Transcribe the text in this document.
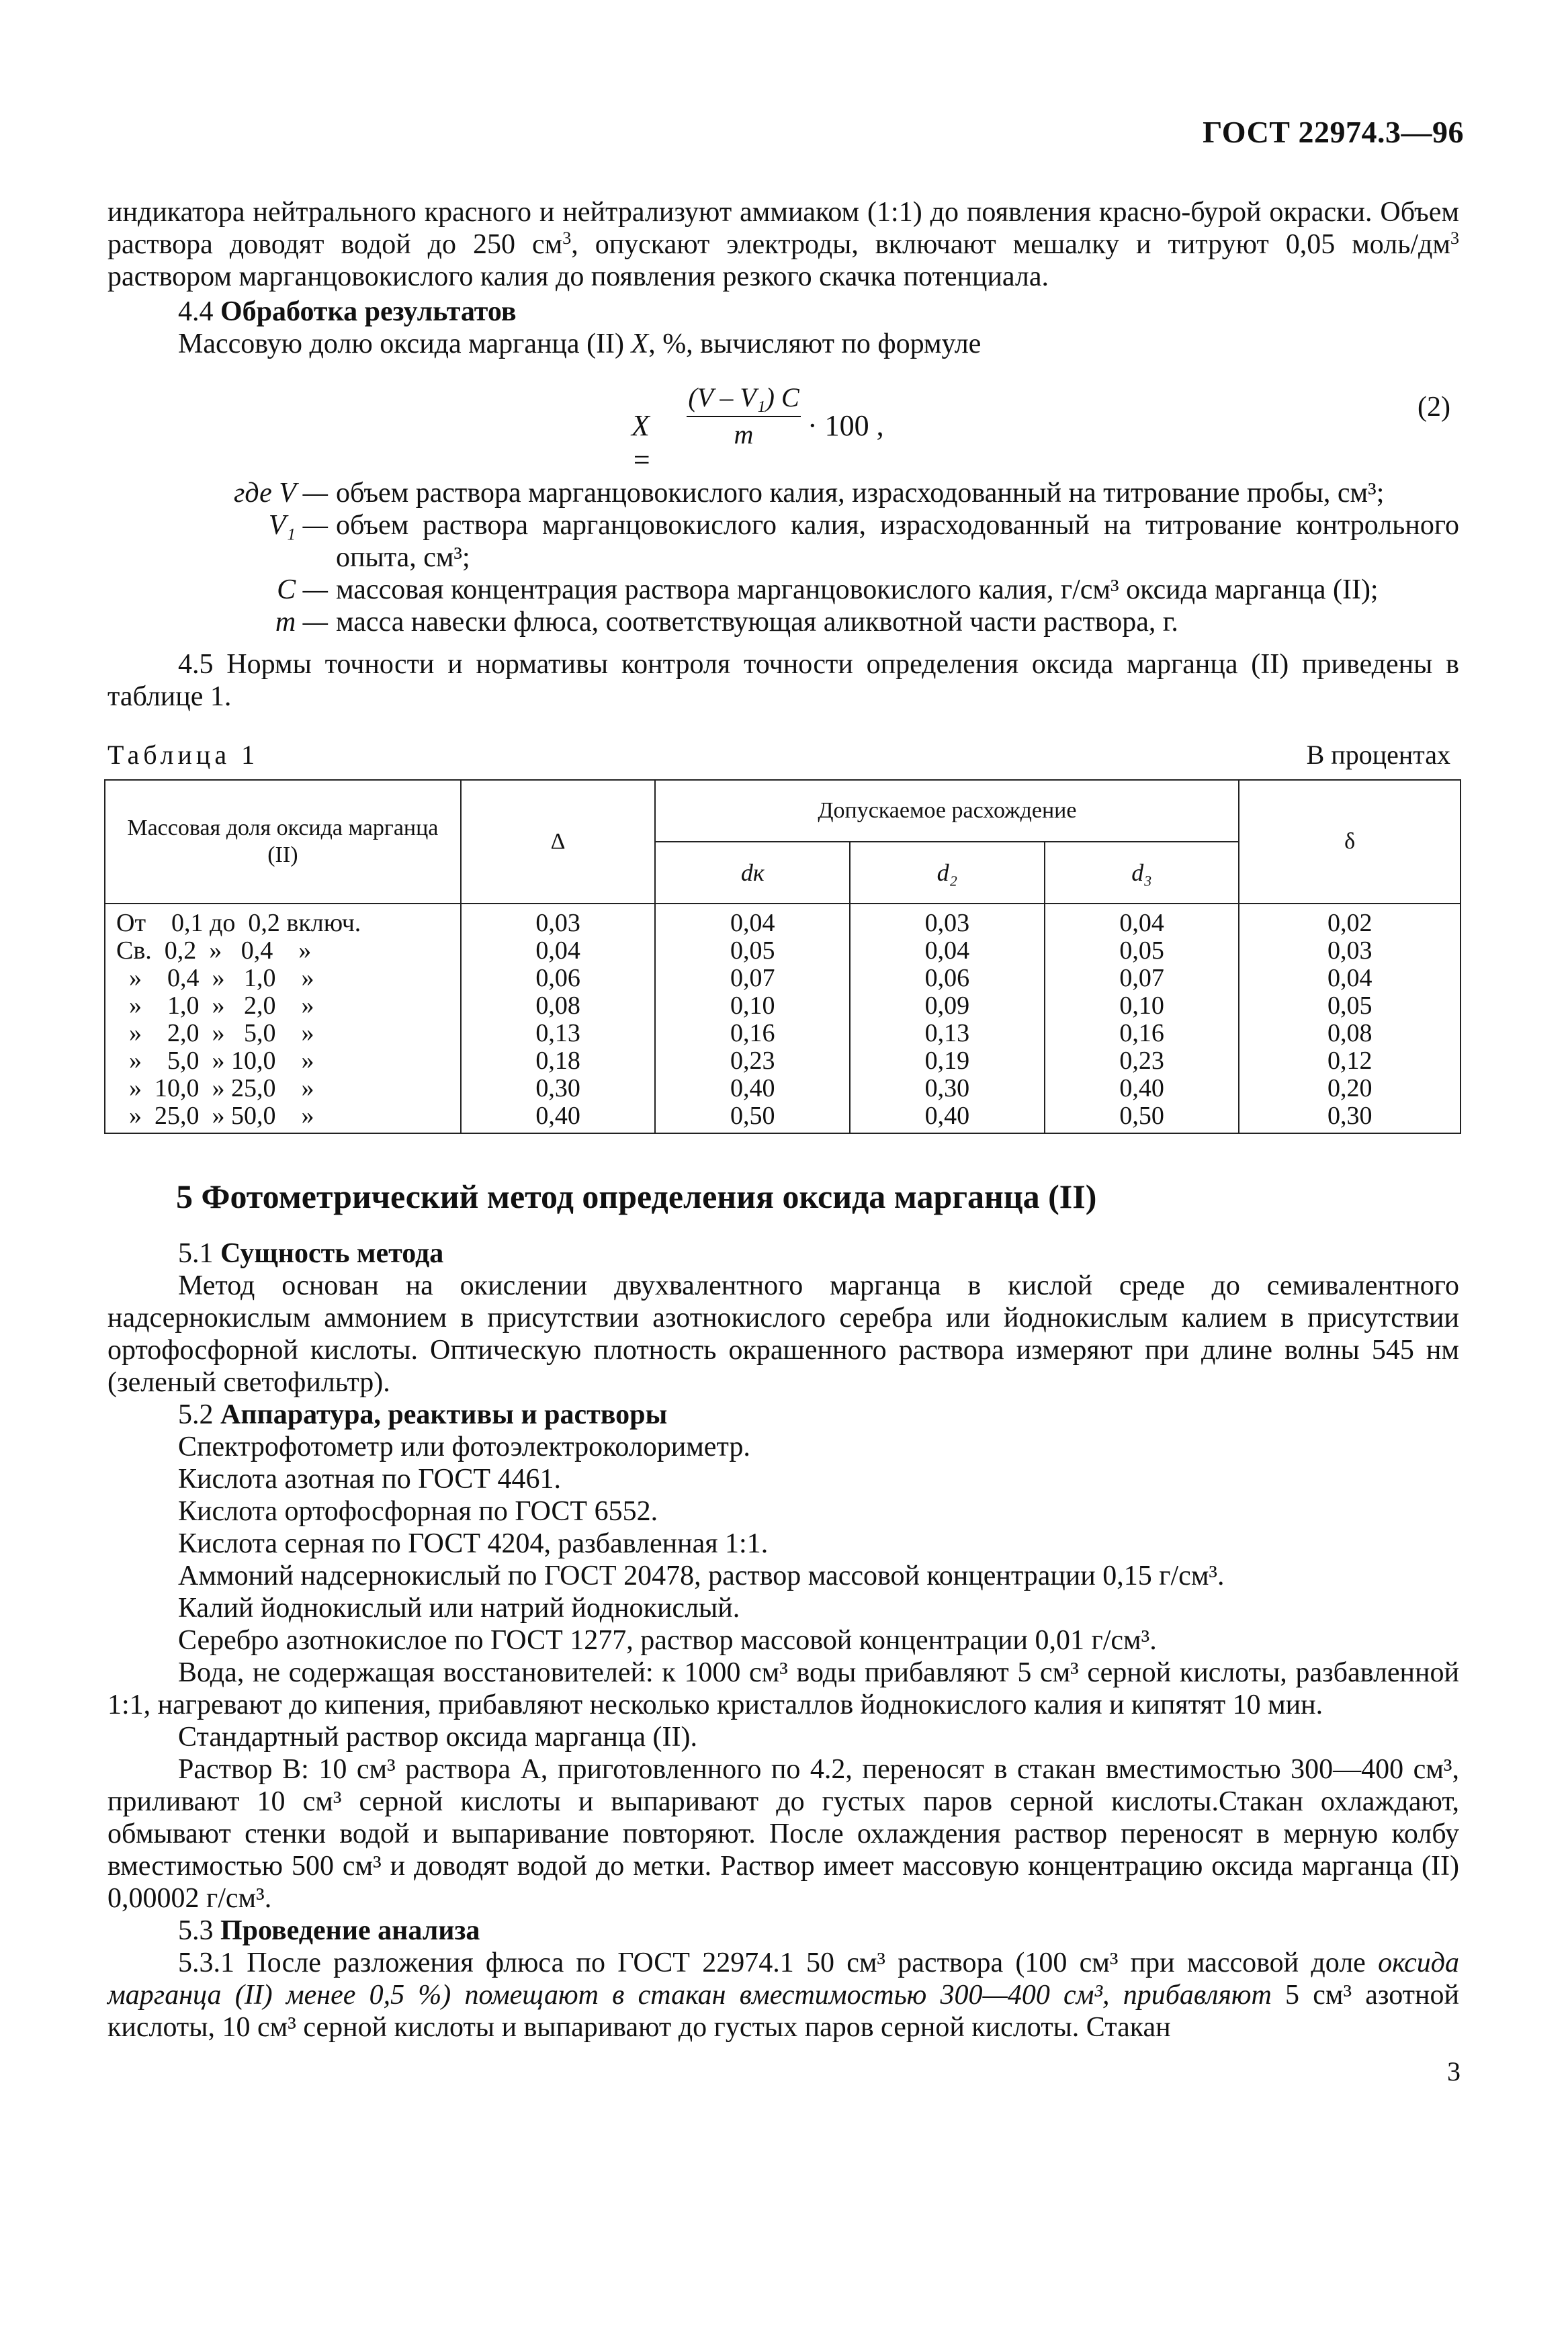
ГОСТ 22974.3—96

индикатора нейтрального красного и нейтрализуют аммиаком (1:1) до появления красно-бурой окраски. Объем раствора доводят водой до 250 $см^3$, опускают электроды, включают мешалку и титруют 0,05 моль/$дм^3$ раствором марганцовокислого калия до появления резкого скачка потенциала.

4.4 Обработка результатов

Массовую долю оксида марганца (II) X, %, вычисляют по формуле

X =
(V – V₁) C
m	· 100 ,
(2)
где V — объем раствора марганцовокислого калия, израсходованный на титрование пробы, см³;
V₁ — объем раствора марганцовокислого калия, израсходованный на титрование контрольного опыта, см³;
C — массовая концентрация раствора марганцовокислого калия, г/см³ оксида марганца (II);
m — масса навески флюса, соответствующая аликвотной части раствора, г.

4.5 Нормы точности и нормативы контроля точности определения оксида марганца (II) приведены в таблице 1.

Таблица 1	В процентах
Массовая доля оксида марганца (II)	Δ	Допускаемое расхождение			δ
		dк	d₂	d₃	
От    0,1 до  0,2 включ.	0,03	0,04	0,03	0,04	0,02
Св.  0,2  »   0,4    »	0,04	0,05	0,04	0,05	0,03
»    0,4  »   1,0    »	0,06	0,07	0,06	0,07	0,04
»    1,0  »   2,0    »	0,08	0,10	0,09	0,10	0,05
»    2,0  »   5,0    »	0,13	0,16	0,13	0,16	0,08
»    5,0  » 10,0    »	0,18	0,23	0,19	0,23	0,12
»  10,0  » 25,0    »	0,30	0,40	0,30	0,40	0,20
»  25,0  » 50,0    »	0,40	0,50	0,40	0,50	0,30
5 Фотометрический метод определения оксида марганца (II)

5.1 Сущность метода

Метод основан на окислении двухвалентного марганца в кислой среде до семивалентного надсернокислым аммонием в присутствии азотнокислого серебра или йоднокислым калием в присутствии ортофосфорной кислоты. Оптическую плотность окрашенного раствора измеряют при длине волны 545 нм (зеленый светофильтр).

5.2 Аппаратура, реактивы и растворы

Спектрофотометр или фотоэлектроколориметр.

Кислота азотная по ГОСТ 4461.

Кислота ортофосфорная по ГОСТ 6552.

Кислота серная по ГОСТ 4204, разбавленная 1:1.

Аммоний надсернокислый по ГОСТ 20478, раствор массовой концентрации 0,15 г/см³.

Калий йоднокислый или натрий йоднокислый.

Серебро азотнокислое по ГОСТ 1277, раствор массовой концентрации 0,01 г/см³.

Вода, не содержащая восстановителей: к 1000 см³ воды прибавляют 5 см³ серной кислоты, разбавленной 1:1, нагревают до кипения, прибавляют несколько кристаллов йоднокислого калия и кипятят 10 мин.

Стандартный раствор оксида марганца (II).

Раствор В: 10 см³ раствора А, приготовленного по 4.2, переносят в стакан вместимостью 300—400 см³, приливают 10 см³ серной кислоты и выпаривают до густых паров серной кислоты.Стакан охлаждают, обмывают стенки водой и выпаривание повторяют. После охлаждения раствор переносят в мерную колбу вместимостью 500 см³ и доводят водой до метки. Раствор имеет массовую концентрацию оксида марганца (II) 0,00002 г/см³.

5.3 Проведение анализа

5.3.1 После разложения флюса по ГОСТ 22974.1 50 см³ раствора (100 см³ при массовой доле оксида марганца (II) менее 0,5 %) помещают в стакан вместимостью 300—400 см³, прибавляют 5 см³ азотной кислоты, 10 см³ серной кислоты и выпаривают до густых паров серной кислоты. Стакан

3
